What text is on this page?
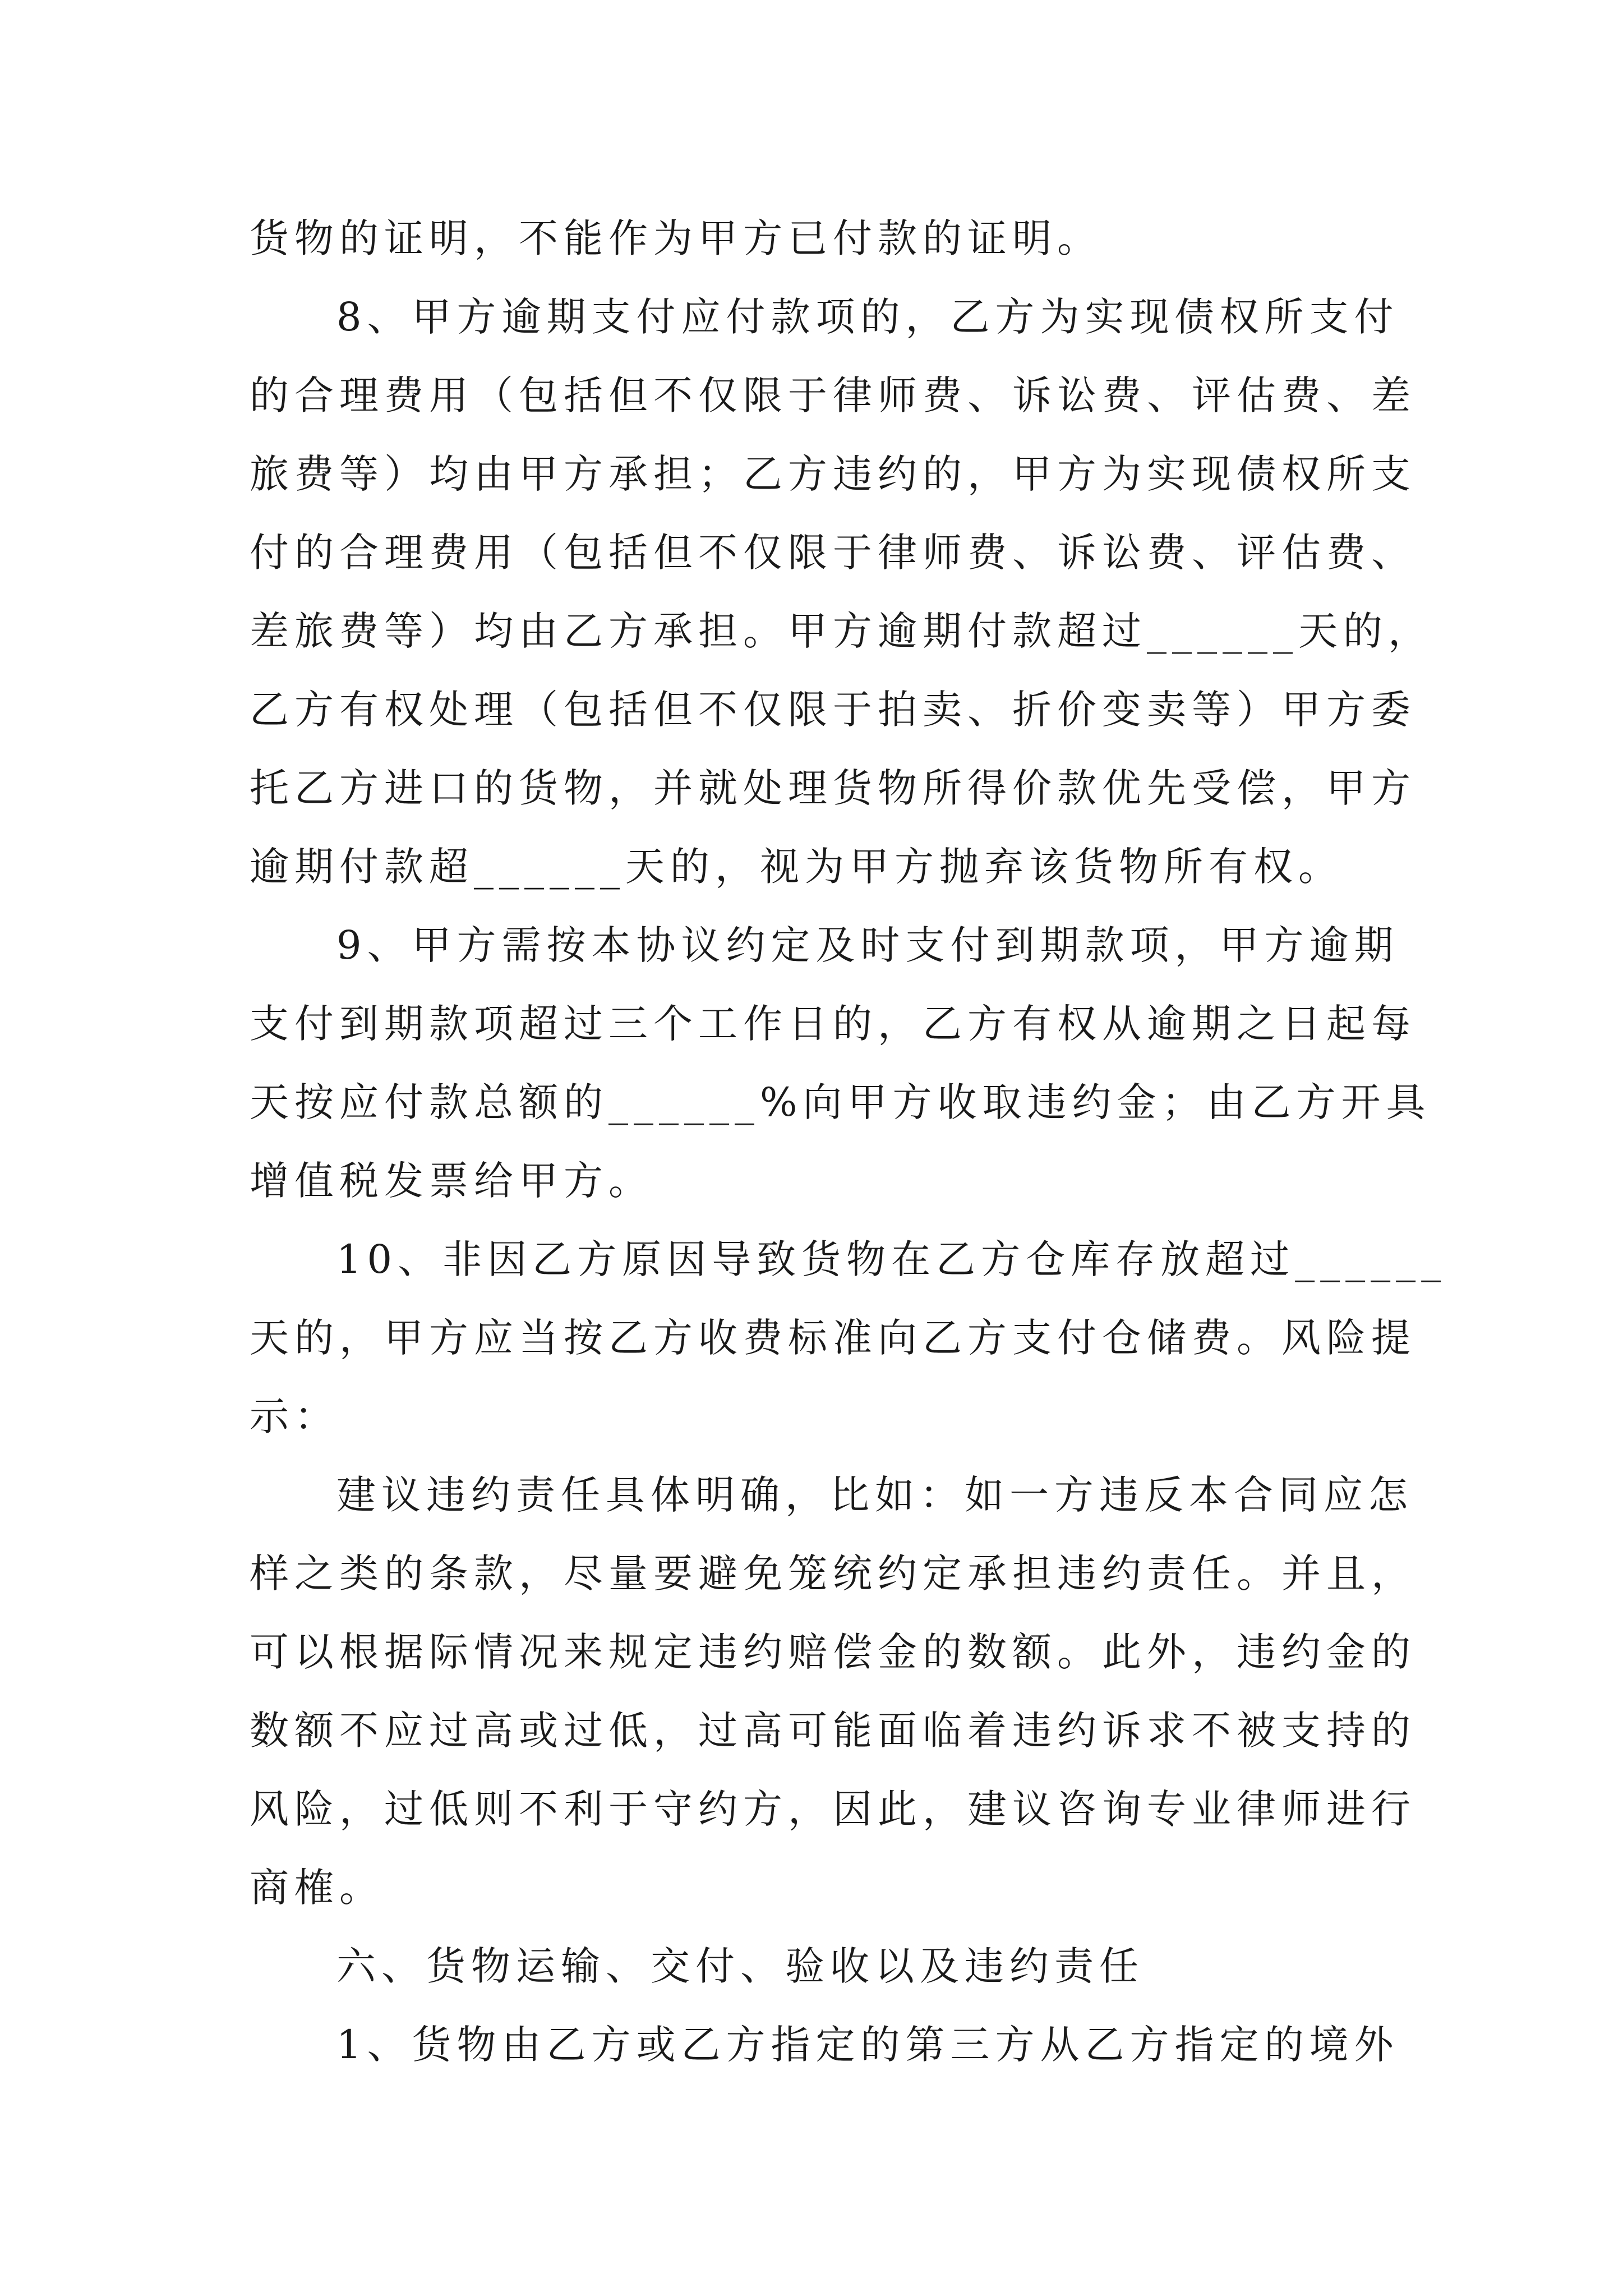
货物的证明，不能作为甲方已付款的证明。

8、甲方逾期支付应付款项的，乙方为实现债权所支付

的合理费用（包括但不仅限于律师费、诉讼费、评估费、差

旅费等）均由甲方承担；乙方违约的，甲方为实现债权所支

付的合理费用（包括但不仅限于律师费、诉讼费、评估费、

差旅费等）均由乙方承担。甲方逾期付款超过______天的，

乙方有权处理（包括但不仅限于拍卖、折价变卖等）甲方委

托乙方进口的货物，并就处理货物所得价款优先受偿，甲方

逾期付款超______天的，视为甲方抛弃该货物所有权。

9、甲方需按本协议约定及时支付到期款项，甲方逾期

支付到期款项超过三个工作日的，乙方有权从逾期之日起每

天按应付款总额的______%向甲方收取违约金；由乙方开具

增值税发票给甲方。

10、非因乙方原因导致货物在乙方仓库存放超过______

天的，甲方应当按乙方收费标准向乙方支付仓储费。风险提

示：

建议违约责任具体明确，比如：如一方违反本合同应怎

样之类的条款，尽量要避免笼统约定承担违约责任。并且，

可以根据际情况来规定违约赔偿金的数额。此外，违约金的

数额不应过高或过低，过高可能面临着违约诉求不被支持的

风险，过低则不利于守约方，因此，建议咨询专业律师进行

商榷。

六、货物运输、交付、验收以及违约责任

1、货物由乙方或乙方指定的第三方从乙方指定的境外
